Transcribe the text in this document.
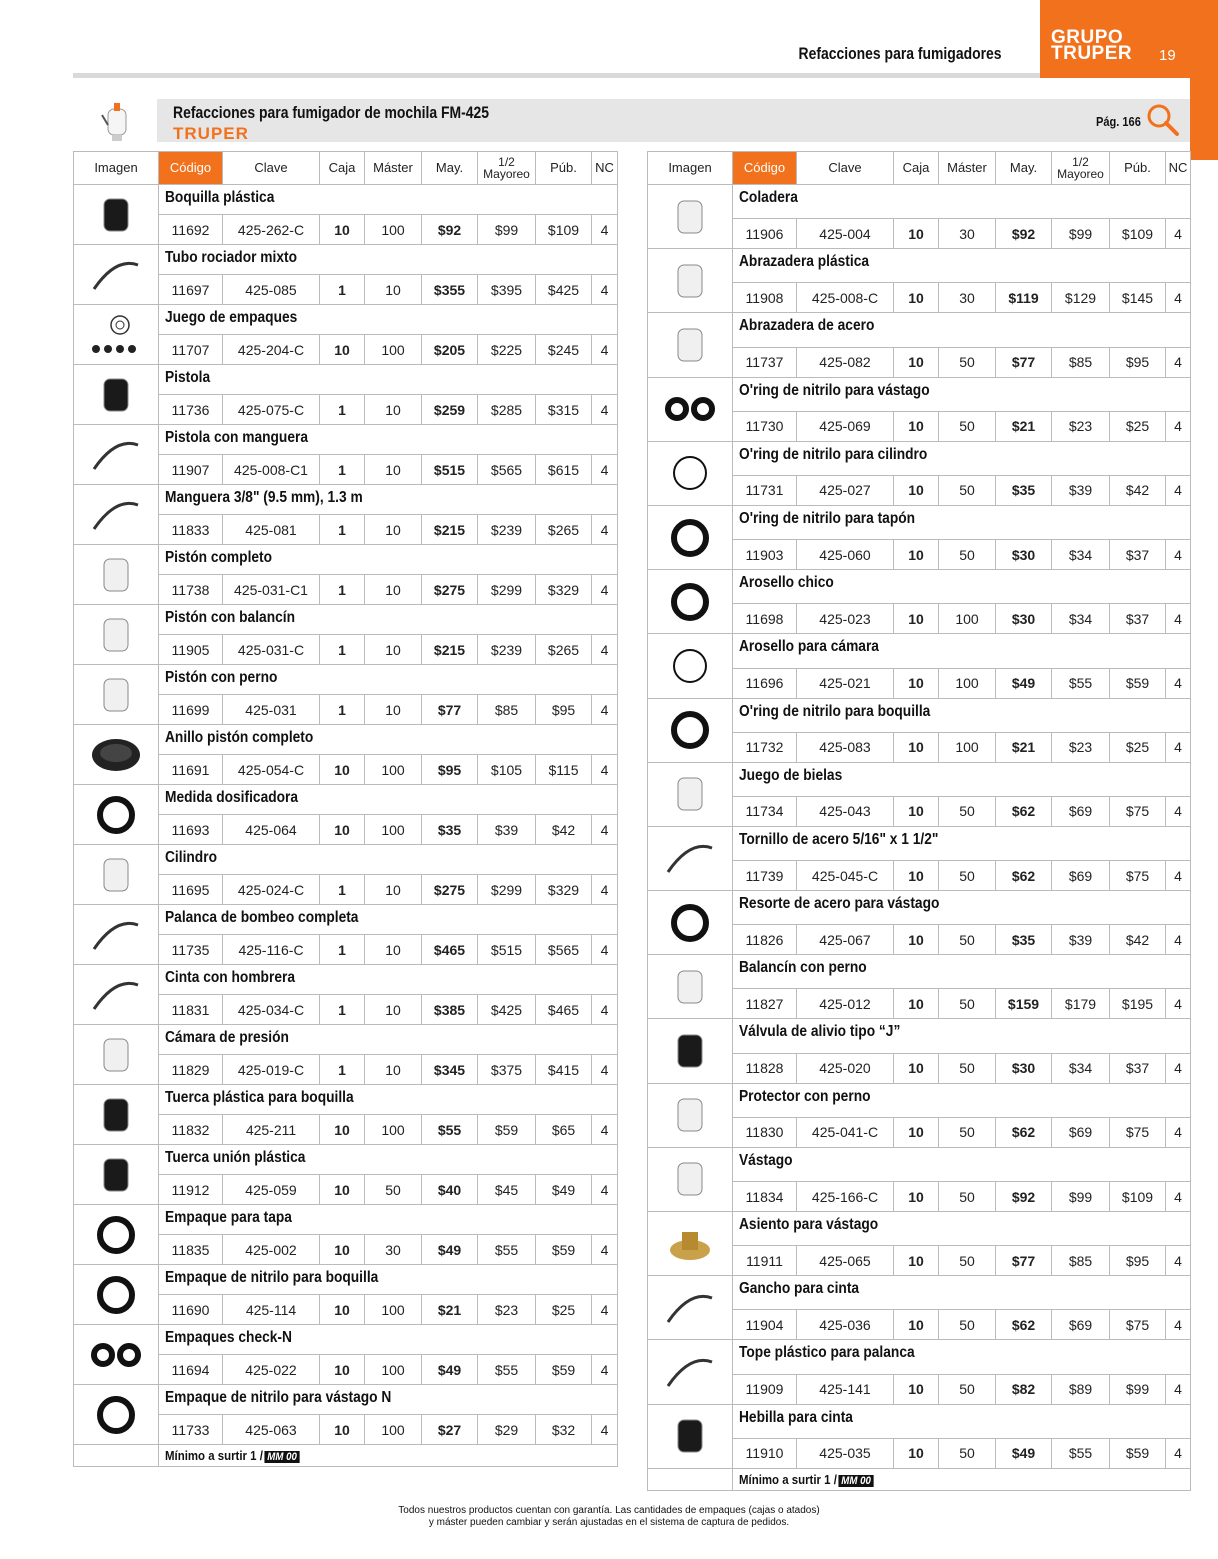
Refacciones para fumigadores
GRUPO
TRUPER 19
Refacciones para fumigador de mochila FM-425
TRUPER
Pág. 166
Imagen	Código	Clave	Caja	Máster	May.	1/2
Mayoreo	Púb.	NC
Boquilla plástica
11692	425-262-C	10	100	$92	$99	$109	4
Tubo rociador mixto
11697	425-085	1	10	$355	$395	$425	4
Juego de empaques
11707	425-204-C	10	100	$205	$225	$245	4
Pistola
11736	425-075-C	1	10	$259	$285	$315	4
Pistola con manguera
11907	425-008-C1	1	10	$515	$565	$615	4
Manguera 3/8" (9.5 mm), 1.3 m
11833	425-081	1	10	$215	$239	$265	4
Pistón completo
11738	425-031-C1	1	10	$275	$299	$329	4
Pistón con balancín
11905	425-031-C	1	10	$215	$239	$265	4
Pistón con perno
11699	425-031	1	10	$77	$85	$95	4
Anillo pistón completo
11691	425-054-C	10	100	$95	$105	$115	4
Medida dosificadora
11693	425-064	10	100	$35	$39	$42	4
Cilindro
11695	425-024-C	1	10	$275	$299	$329	4
Palanca de bombeo completa
11735	425-116-C	1	10	$465	$515	$565	4
Cinta con hombrera
11831	425-034-C	1	10	$385	$425	$465	4
Cámara de presión
11829	425-019-C	1	10	$345	$375	$415	4
Tuerca plástica para boquilla
11832	425-211	10	100	$55	$59	$65	4
Tuerca unión plástica
11912	425-059	10	50	$40	$45	$49	4
Empaque para tapa
11835	425-002	10	30	$49	$55	$59	4
Empaque de nitrilo para boquilla
11690	425-114	10	100	$21	$23	$25	4
Empaques check-N
11694	425-022	10	100	$49	$55	$59	4
Empaque de nitrilo para vástago N
11733	425-063	10	100	$27	$29	$32	4
Mínimo a surtir 1 / MM 00
Imagen	Código	Clave	Caja	Máster	May.	1/2
Mayoreo	Púb.	NC
Coladera
11906	425-004	10	30	$92	$99	$109	4
Abrazadera plástica
11908	425-008-C	10	30	$119	$129	$145	4
Abrazadera de acero
11737	425-082	10	50	$77	$85	$95	4
O'ring de nitrilo para vástago
11730	425-069	10	50	$21	$23	$25	4
O'ring de nitrilo para cilindro
11731	425-027	10	50	$35	$39	$42	4
O'ring de nitrilo para tapón
11903	425-060	10	50	$30	$34	$37	4
Arosello chico
11698	425-023	10	100	$30	$34	$37	4
Arosello para cámara
11696	425-021	10	100	$49	$55	$59	4
O'ring de nitrilo para boquilla
11732	425-083	10	100	$21	$23	$25	4
Juego de bielas
11734	425-043	10	50	$62	$69	$75	4
Tornillo de acero 5/16" x 1 1/2"
11739	425-045-C	10	50	$62	$69	$75	4
Resorte de acero para vástago
11826	425-067	10	50	$35	$39	$42	4
Balancín con perno
11827	425-012	10	50	$159	$179	$195	4
Válvula de alivio tipo “J”
11828	425-020	10	50	$30	$34	$37	4
Protector con perno
11830	425-041-C	10	50	$62	$69	$75	4
Vástago
11834	425-166-C	10	50	$92	$99	$109	4
Asiento para vástago
11911	425-065	10	50	$77	$85	$95	4
Gancho para cinta
11904	425-036	10	50	$62	$69	$75	4
Tope plástico para palanca
11909	425-141	10	50	$82	$89	$99	4
Hebilla para cinta
11910	425-035	10	50	$49	$55	$59	4
Mínimo a surtir 1 / MM 00
Todos nuestros productos cuentan con garantía. Las cantidades de empaques (cajas o atados)
y máster pueden cambiar y serán ajustadas en el sistema de captura de pedidos.
